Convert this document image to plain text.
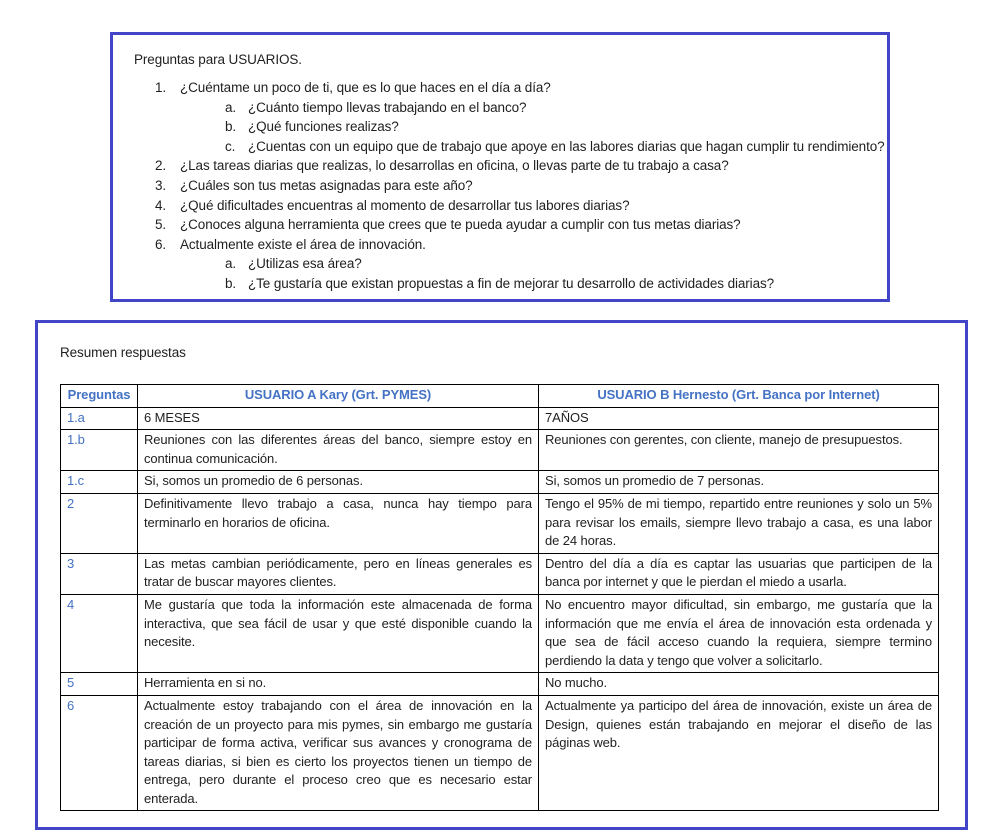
Preguntas para USUARIOS.
1.	¿Cuéntame un poco de ti, que es lo que haces en el día a día?
a. ¿Cuánto tiempo llevas trabajando en el banco?
b. ¿Qué funciones realizas?
c. ¿Cuentas con un equipo que de trabajo que apoye en las labores diarias que hagan cumplir tu rendimiento?
2.	¿Las tareas diarias que realizas, lo desarrollas en oficina, o llevas parte de tu trabajo a casa?
3.	¿Cuáles son tus metas asignadas para este año?
4.	¿Qué dificultades encuentras al momento de desarrollar tus labores diarias?
5.	¿Conoces alguna herramienta que crees que te pueda ayudar a cumplir con tus metas diarias?
6.	Actualmente existe el área de innovación.
a. ¿Utilizas esa área?
b. ¿Te gustaría que existan propuestas a fin de mejorar tu desarrollo de actividades diarias?
Resumen respuestas
Preguntas	USUARIO A Kary (Grt. PYMES)	USUARIO B Hernesto (Grt. Banca por Internet)
1.a	6 MESES	7AÑOS
1.b	Reuniones con las diferentes áreas del banco, siempre estoy en continua comunicación.	Reuniones con gerentes, con cliente, manejo de presupuestos.
1.c	Si, somos un promedio de 6 personas.	Si, somos un promedio de 7 personas.
2	Definitivamente llevo trabajo a casa, nunca hay tiempo para terminarlo en horarios de oficina.	Tengo el 95% de mi tiempo, repartido entre reuniones y solo un 5% para revisar los emails, siempre llevo trabajo a casa, es una labor de 24 horas.
3	Las metas cambian periódicamente, pero en líneas generales es tratar de buscar mayores clientes.	Dentro del día a día es captar las usuarias que participen de la banca por internet y que le pierdan el miedo a usarla.
4	Me gustaría que toda la información este almacenada de forma interactiva, que sea fácil de usar y que esté disponible cuando la necesite.	No encuentro mayor dificultad, sin embargo, me gustaría que la información que me envía el área de innovación esta ordenada y que sea de fácil acceso cuando la requiera, siempre termino perdiendo la data y tengo que volver a solicitarlo.
5	Herramienta en si no.	No mucho.
6	Actualmente estoy trabajando con el área de innovación en la creación de un proyecto para mis pymes, sin embargo me gustaría participar de forma activa, verificar sus avances y cronograma de tareas diarias, si bien es cierto los proyectos tienen un tiempo de entrega, pero durante el proceso creo que es necesario estar enterada.	Actualmente ya participo del área de innovación, existe un área de Design, quienes están trabajando en mejorar el diseño de las páginas web.
